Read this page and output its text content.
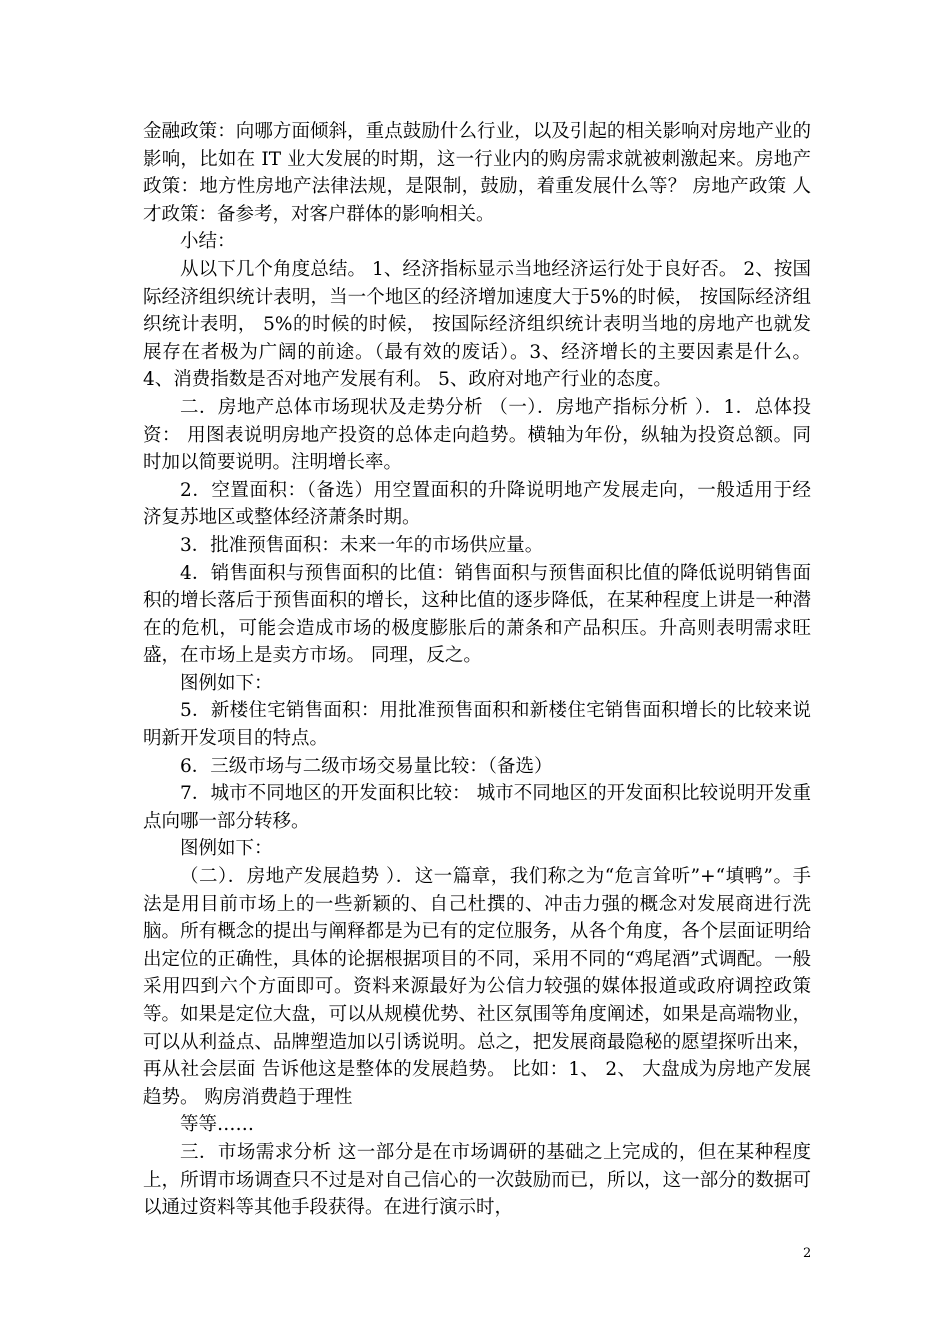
金融政策：向哪方面倾斜，重点鼓励什么行业，以及引起的相关影响对房地产业的影响，比如在 IT 业大发展的时期，这一行业内的购房需求就被刺激起来。房地产政策：地方性房地产法律法规，是限制，鼓励，着重发展什么等？ 房地产政策 人才政策：备参考，对客户群体的影响相关。

小结：

从以下几个角度总结。 1、经济指标显示当地经济运行处于良好否。 2、按国际经济组织统计表明，当一个地区的经济增加速度大于5%的时候， 按国际经济组织统计表明， 5%的时候的时候， 按国际经济组织统计表明当地的房地产也就发展存在者极为广阔的前途。（最有效的废话）。3、经济增长的主要因素是什么。 4、消费指数是否对地产发展有利。 5、政府对地产行业的态度。

二．房地产总体市场现状及走势分析 （一）．房地产指标分析 ）．1．总体投资： 用图表说明房地产投资的总体走向趋势。横轴为年份，纵轴为投资总额。同时加以简要说明。注明增长率。

2．空置面积：（备选）用空置面积的升降说明地产发展走向，一般适用于经济复苏地区或整体经济萧条时期。

3．批准预售面积：未来一年的市场供应量。

4．销售面积与预售面积的比值：销售面积与预售面积比值的降低说明销售面积的增长落后于预售面积的增长，这种比值的逐步降低，在某种程度上讲是一种潜在的危机，可能会造成市场的极度膨胀后的萧条和产品积压。升高则表明需求旺盛，在市场上是卖方市场。 同理，反之。

图例如下：

5．新楼住宅销售面积：用批准预售面积和新楼住宅销售面积增长的比较来说明新开发项目的特点。

6．三级市场与二级市场交易量比较：（备选）

7．城市不同地区的开发面积比较： 城市不同地区的开发面积比较说明开发重点向哪一部分转移。

图例如下：

（二）．房地产发展趋势 ）．这一篇章，我们称之为“危言耸听”+“填鸭”。手法是用目前市场上的一些新颖的、自己杜撰的、冲击力强的概念对发展商进行洗脑。所有概念的提出与阐释都是为已有的定位服务，从各个角度，各个层面证明给出定位的正确性，具体的论据根据项目的不同，采用不同的“鸡尾酒”式调配。一般采用四到六个方面即可。资料来源最好为公信力较强的媒体报道或政府调控政策等。如果是定位大盘，可以从规模优势、社区氛围等角度阐述，如果是高端物业，可以从利益点、品牌塑造加以引诱说明。总之，把发展商最隐秘的愿望探听出来，再从社会层面 告诉他这是整体的发展趋势。 比如：1、 2、 大盘成为房地产发展趋势。 购房消费趋于理性

等等……

三．市场需求分析 这一部分是在市场调研的基础之上完成的，但在某种程度上，所谓市场调查只不过是对自己信心的一次鼓励而已，所以，这一部分的数据可以通过资料等其他手段获得。在进行演示时，

2
